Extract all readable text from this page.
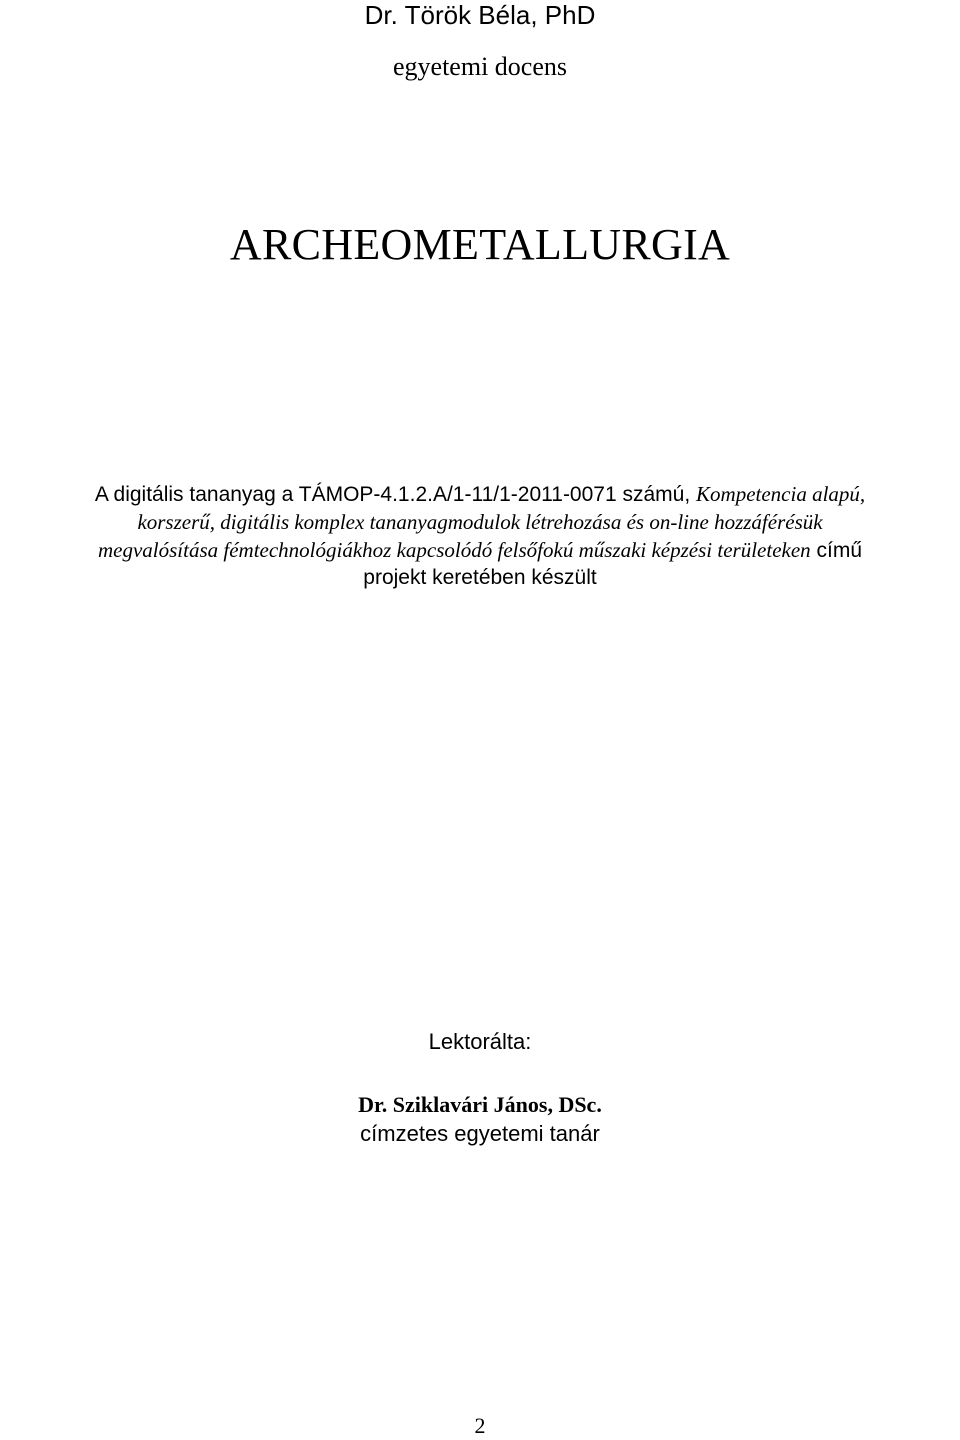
Dr. Török Béla, PhD
egyetemi docens
ARCHEOMETALLURGIA
A digitális tananyag a TÁMOP-4.1.2.A/1-11/1-2011-0071 számú, Kompetencia alapú,
korszerű, digitális komplex tananyagmodulok létrehozása és on-line hozzáférésük
megvalósítása fémtechnológiákhoz kapcsolódó felsőfokú műszaki képzési területeken című
projekt keretében készült
Lektorálta:
Dr. Sziklavári János, DSc.
címzetes egyetemi tanár
2
